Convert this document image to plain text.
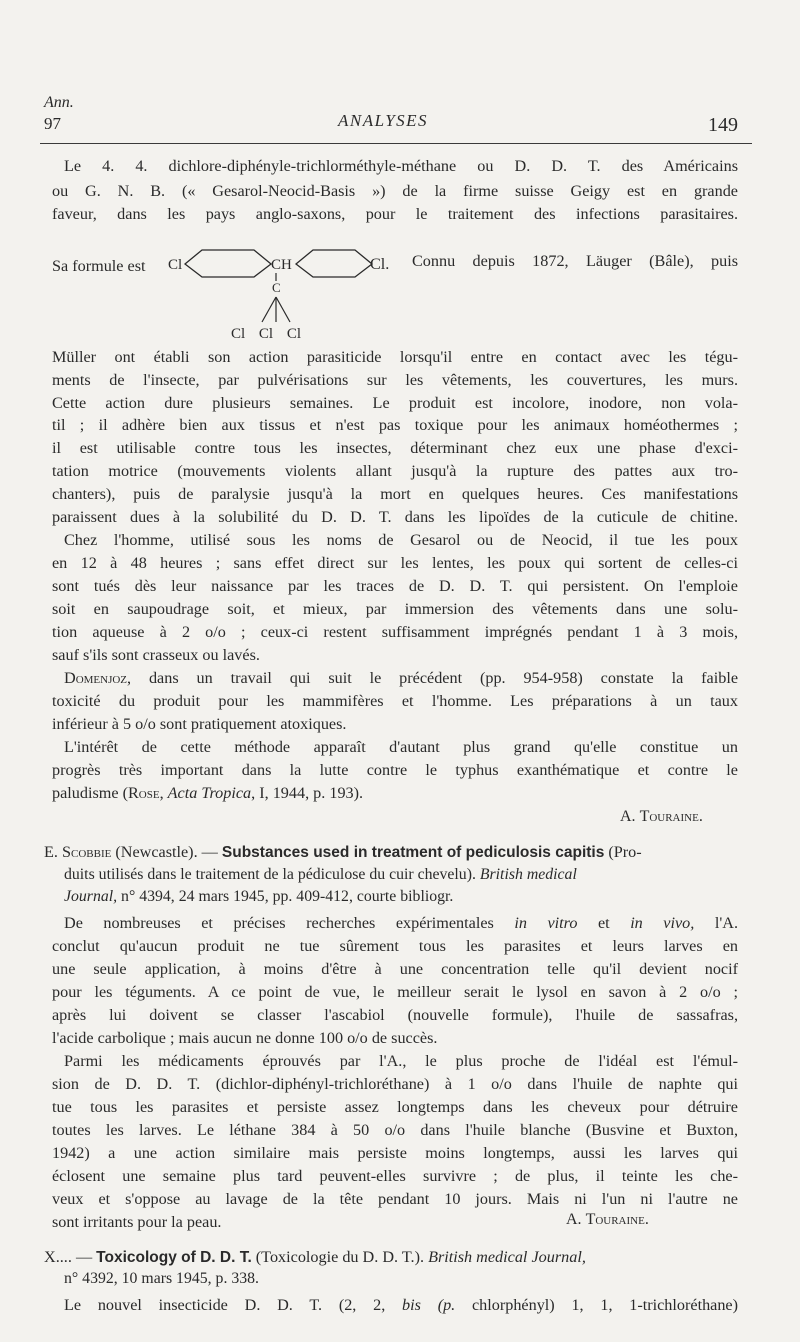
Ann.
97	ANALYSES	149
Le 4. 4. dichlore-diphényle-trichlorméthyle-méthane ou D. D. T. des Américains
ou G. N. B. (« Gesarol-Neocid-Basis ») de la firme suisse Geigy est en grande
faveur, dans les pays anglo-saxons, pour le traitement des infections parasitaires.
Sa formule est	Cl	CH
C
Cl. Connu depuis 1872, Läuger (Bâle), puis
Cl Cl Cl
Müller ont établi son action parasiticide lorsqu'il entre en contact avec les tégu-
ments de l'insecte, par pulvérisations sur les vêtements, les couvertures, les murs.
Cette action dure plusieurs semaines. Le produit est incolore, inodore, non vola-
til ; il adhère bien aux tissus et n'est pas toxique pour les animaux homéothermes ;
il est utilisable contre tous les insectes, déterminant chez eux une phase d'exci-
tation motrice (mouvements violents allant jusqu'à la rupture des pattes aux tro-
chanters), puis de paralysie jusqu'à la mort en quelques heures. Ces manifestations
paraissent dues à la solubilité du D. D. T. dans les lipoïdes de la cuticule de chitine.
Chez l'homme, utilisé sous les noms de Gesarol ou de Neocid, il tue les poux
en 12 à 48 heures ; sans effet direct sur les lentes, les poux qui sortent de celles-ci
sont tués dès leur naissance par les traces de D. D. T. qui persistent. On l'emploie
soit en saupoudrage soit, et mieux, par immersion des vêtements dans une solu-
tion aqueuse à 2 o/o ; ceux-ci restent suffisamment imprégnés pendant 1 à 3 mois,
sauf s'ils sont crasseux ou lavés.
Domenjoz, dans un travail qui suit le précédent (pp. 954-958) constate la faible
toxicité du produit pour les mammifères et l'homme. Les préparations à un taux
inférieur à 5 o/o sont pratiquement atoxiques.
L'intérêt de cette méthode apparaît d'autant plus grand qu'elle constitue un
progrès très important dans la lutte contre le typhus exanthématique et contre le
paludisme (Rose, Acta Tropica, I, 1944, p. 193).
A. Touraine.
E. Scobbie (Newcastle). — Substances used in treatment of pediculosis capitis (Pro-
duits utilisés dans le traitement de la pédiculose du cuir chevelu). British medical
Journal, n° 4394, 24 mars 1945, pp. 409-412, courte bibliogr.
De nombreuses et précises recherches expérimentales in vitro et in vivo, l'A.
conclut qu'aucun produit ne tue sûrement tous les parasites et leurs larves en
une seule application, à moins d'être à une concentration telle qu'il devient nocif
pour les téguments. A ce point de vue, le meilleur serait le lysol en savon à 2 o/o ;
après lui doivent se classer l'ascabiol (nouvelle formule), l'huile de sassafras,
l'acide carbolique ; mais aucun ne donne 100 o/o de succès.
Parmi les médicaments éprouvés par l'A., le plus proche de l'idéal est l'émul-
sion de D. D. T. (dichlor-diphényl-trichloréthane) à 1 o/o dans l'huile de naphte qui
tue tous les parasites et persiste assez longtemps dans les cheveux pour détruire
toutes les larves. Le léthane 384 à 50 o/o dans l'huile blanche (Busvine et Buxton,
1942) a une action similaire mais persiste moins longtemps, aussi les larves qui
éclosent une semaine plus tard peuvent-elles survivre ; de plus, il teinte les che-
veux et s'oppose au lavage de la tête pendant 10 jours. Mais ni l'un ni l'autre ne
sont irritants pour la peau.	A. Touraine.
X.... — Toxicology of D. D. T. (Toxicologie du D. D. T.). British medical Journal,
n° 4392, 10 mars 1945, p. 338.
Le nouvel insecticide D. D. T. (2, 2, bis (p. chlorphényl) 1, 1, 1-trichloréthane)
